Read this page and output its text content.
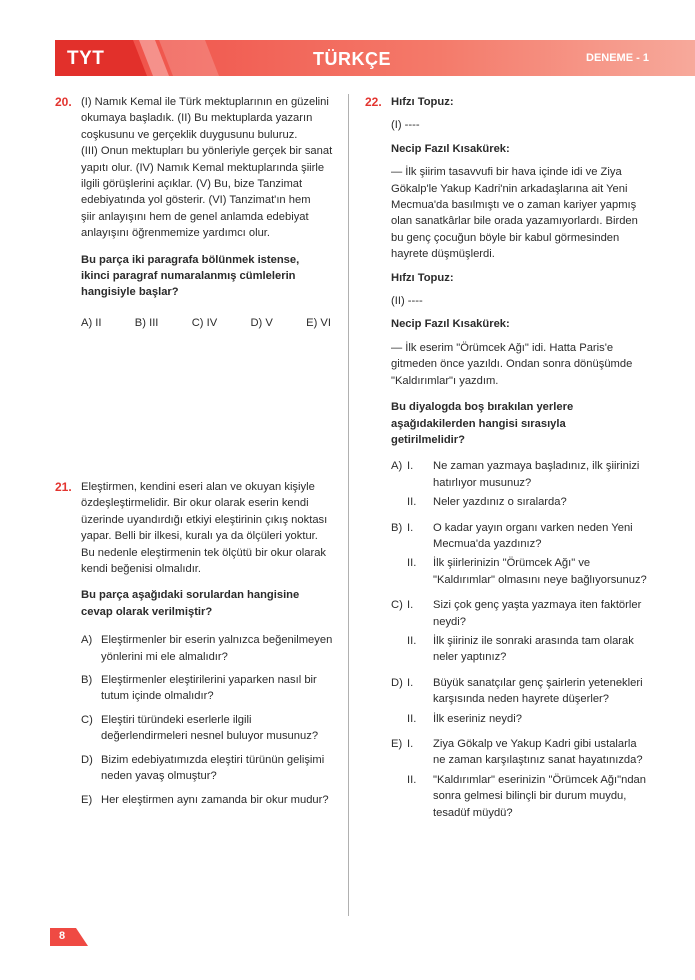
TYT	TÜRKÇE	DENEME - 1
20. (I) Namık Kemal ile Türk mektuplarının en güzelini

okumaya başladık. (II) Bu mektuplarda yazarın

coşkusunu ve gerçeklik duygusunu buluruz.

(III) Onun mektupları bu yönleriyle gerçek bir sanat

yapıtı olur. (IV) Namık Kemal mektuplarında şiirle

ilgili görüşlerini açıklar. (V) Bu, bize Tanzimat

edebiyatında yol gösterir. (VI) Tanzimat'ın hem

şiir anlayışını hem de genel anlamda edebiyat

anlayışını öğrenmemize yardımcı olur.

Bu parça iki paragrafa bölünmek istense,

ikinci paragraf numaralanmış cümlelerin

hangisiyle başlar?

A) II	B) III	C) IV	D) V	E) VI
21. Eleştirmen, kendini eseri alan ve okuyan kişiyle

özdeşleştirmelidir. Bir okur olarak eserin kendi

üzerinde uyandırdığı etkiyi eleştirinin çıkış noktası

yapar. Belli bir ilkesi, kuralı ya da ölçüleri yoktur.

Bu nedenle eleştirmenin tek ölçütü bir okur olarak

kendi beğenisi olmalıdır.

Bu parça aşağıdaki sorulardan hangisine

cevap olarak verilmiştir?

A) Eleştirmenler bir eserin yalnızca beğenilmeyen

yönlerini mi ele almalıdır?

B) Eleştirmenler eleştirilerini yaparken nasıl bir

tutum içinde olmalıdır?

C) Eleştiri türündeki eserlerle ilgili

değerlendirmeleri nesnel buluyor musunuz?

D) Bizim edebiyatımızda eleştiri türünün gelişimi

neden yavaş olmuştur?

E) Her eleştirmen aynı zamanda bir okur mudur?

22. Hıfzı Topuz:

(I) ----

Necip Fazıl Kısakürek:

— İlk şiirim tasavvufi bir hava içinde idi ve Ziya

Gökalp'le Yakup Kadri'nin arkadaşlarına ait Yeni

Mecmua'da basılmıştı ve o zaman kariyer yapmış

olan sanatkârlar bile orada yazamıyorlardı. Birden

bu genç çocuğun böyle bir kabul görmesinden

hayrete düşmüşlerdi.

Hıfzı Topuz:

(II) ----

Necip Fazıl Kısakürek:

— İlk eserim "Örümcek Ağı" idi. Hatta Paris'e

gitmeden önce yazıldı. Ondan sonra dönüşümde

"Kaldırımlar"ı yazdım.

Bu diyalogda boş bırakılan yerlere

aşağıdakilerden hangisi sırasıyla

getirilmelidir?

A) I. Ne zaman yazmaya başladınız, ilk şiirinizi

hatırlıyor musunuz?

II. Neler yazdınız o sıralarda?

B) I. O kadar yayın organı varken neden Yeni

Mecmua'da yazdınız?

II. İlk şiirlerinizin "Örümcek Ağı" ve

"Kaldırımlar" olmasını neye bağlıyorsunuz?

C) I. Sizi çok genç yaşta yazmaya iten faktörler

neydi?

II. İlk şiiriniz ile sonraki arasında tam olarak

neler yaptınız?

D) I. Büyük sanatçılar genç şairlerin yetenekleri

karşısında neden hayrete düşerler?

II. İlk eseriniz neydi?

E) I. Ziya Gökalp ve Yakup Kadri gibi ustalarla

ne zaman karşılaştınız sanat hayatınızda?

II. "Kaldırımlar" eserinizin "Örümcek Ağı"ndan

sonra gelmesi bilinçli bir durum muydu,

tesadüf müydü?

8
